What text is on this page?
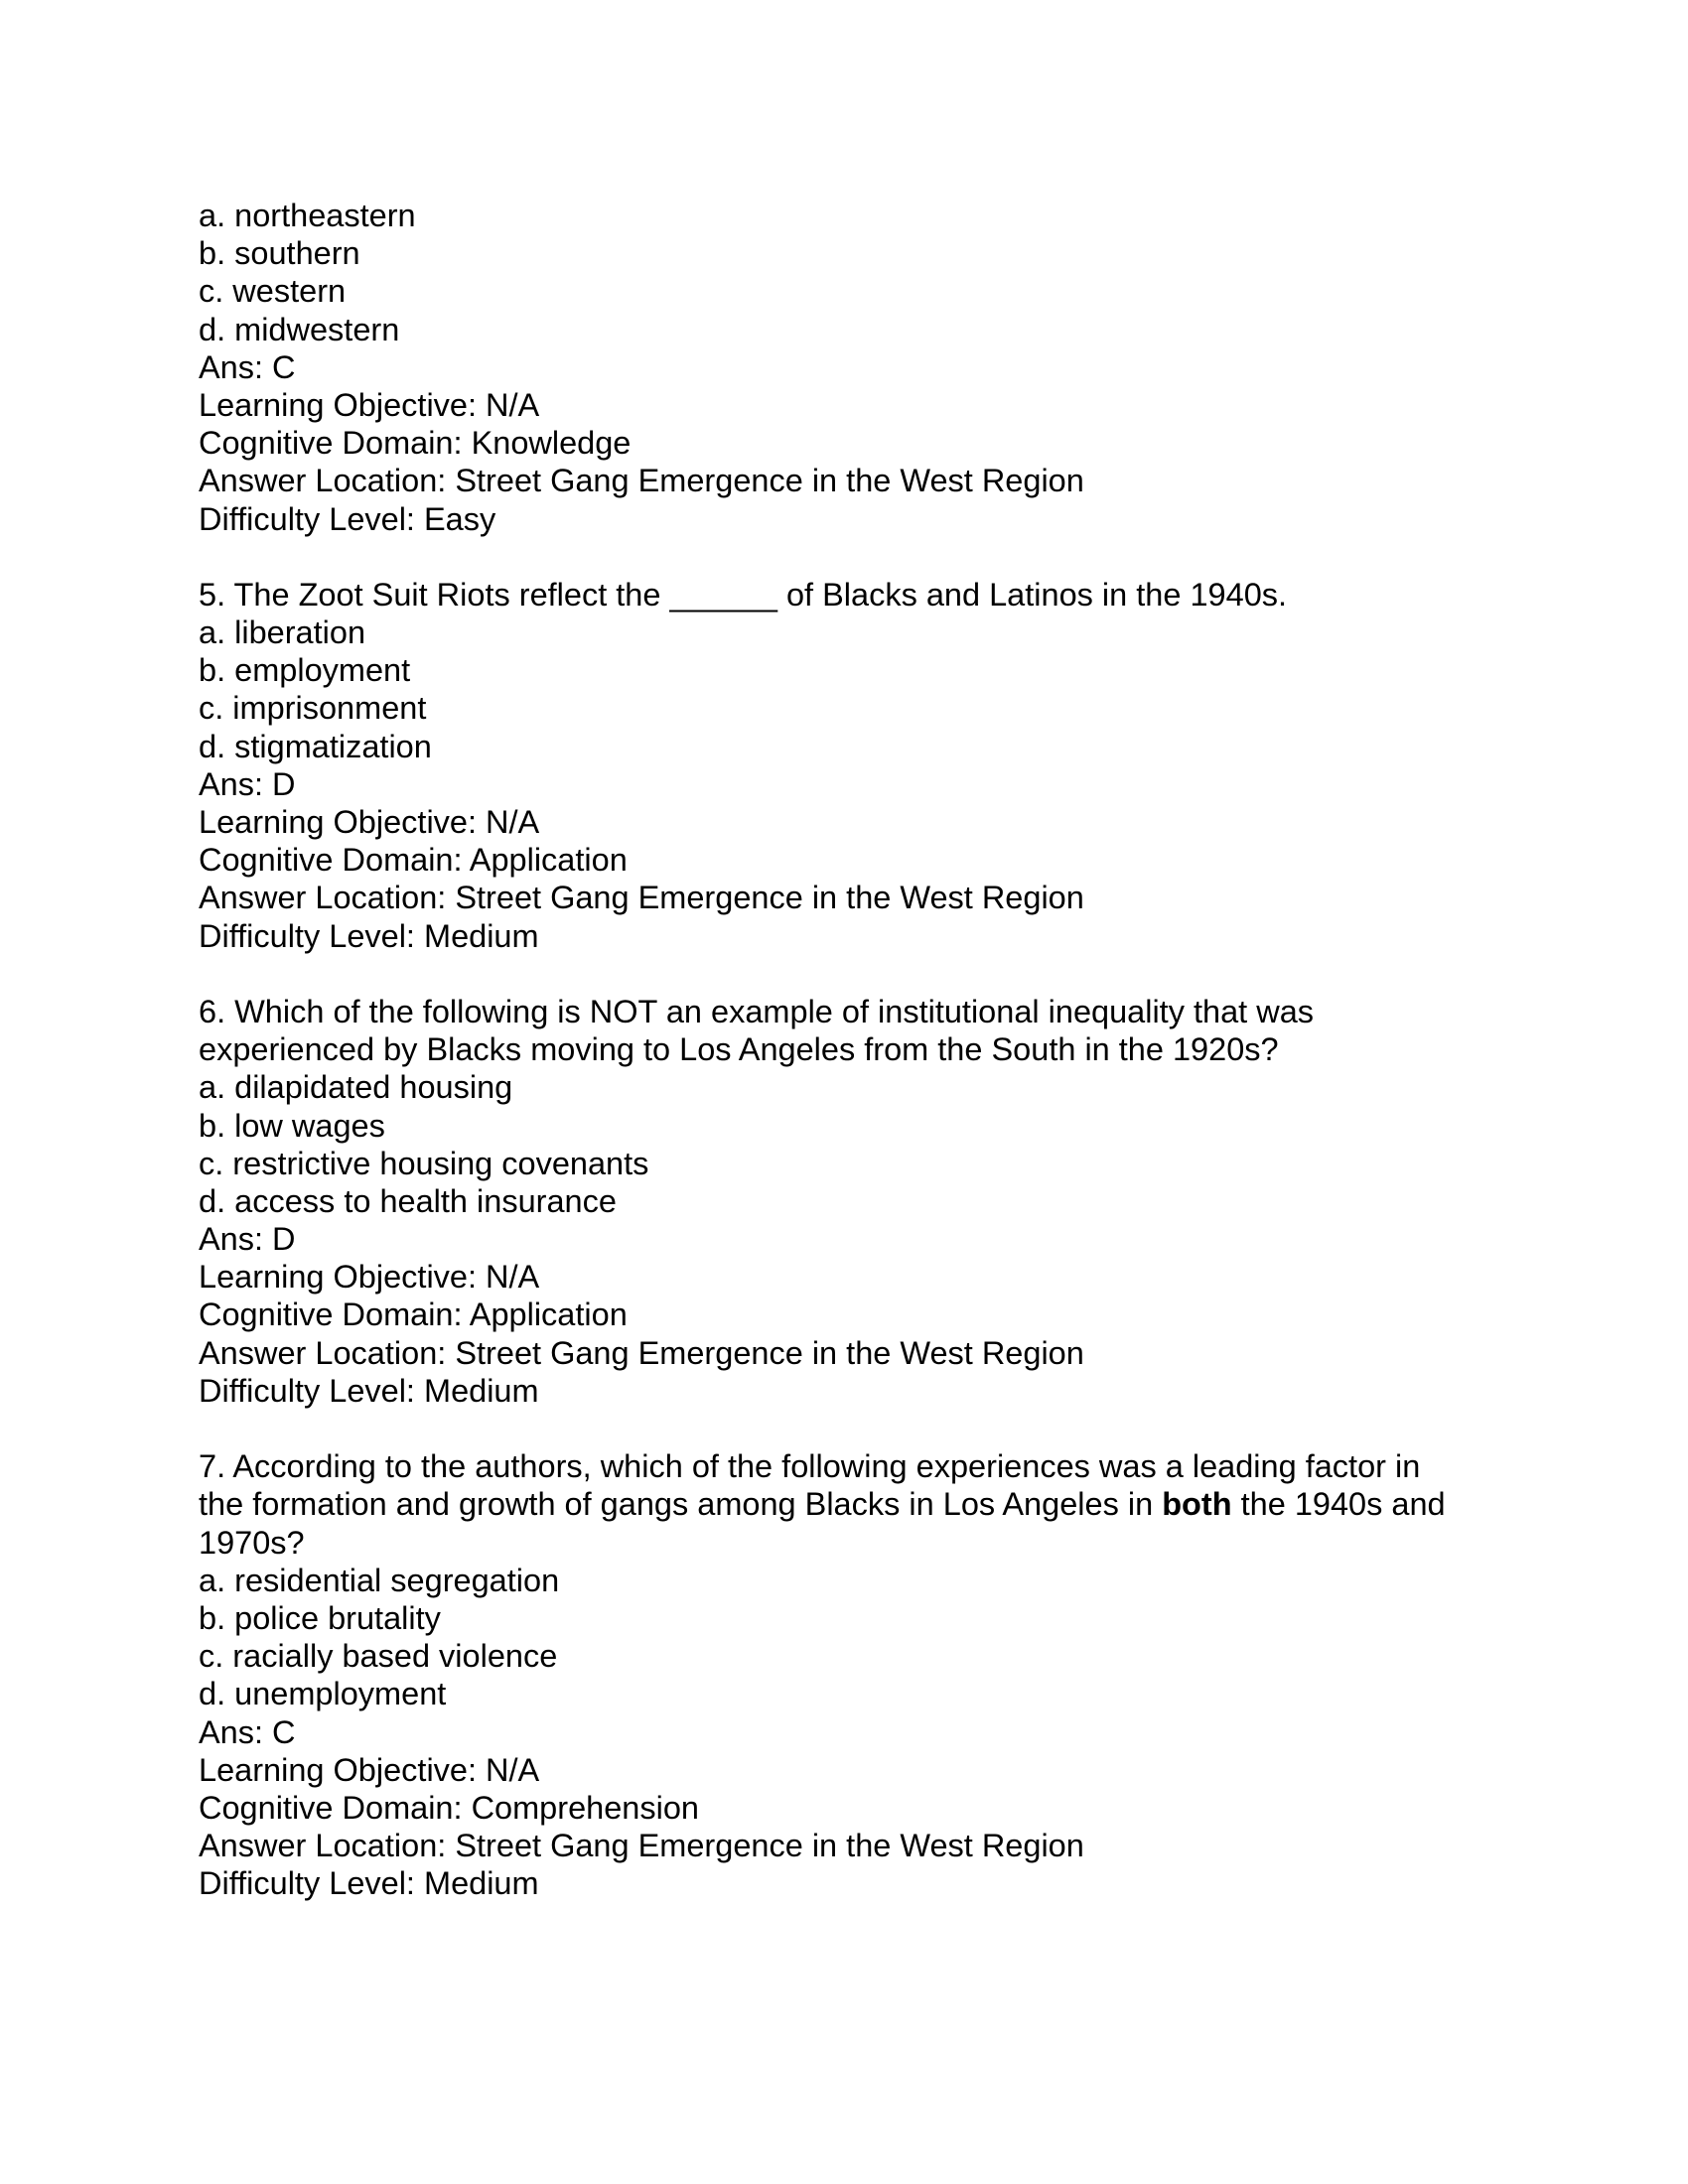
a. northeastern
b. southern
c. western
d. midwestern
Ans: C
Learning Objective: N/A
Cognitive Domain: Knowledge
Answer Location: Street Gang Emergence in the West Region
Difficulty Level: Easy
5. The Zoot Suit Riots reflect the ______ of Blacks and Latinos in the 1940s.
a. liberation
b. employment
c. imprisonment
d. stigmatization
Ans: D
Learning Objective: N/A
Cognitive Domain: Application
Answer Location: Street Gang Emergence in the West Region
Difficulty Level: Medium
6. Which of the following is NOT an example of institutional inequality that was
experienced by Blacks moving to Los Angeles from the South in the 1920s?
a. dilapidated housing
b. low wages
c. restrictive housing covenants
d. access to health insurance
Ans: D
Learning Objective: N/A
Cognitive Domain: Application
Answer Location: Street Gang Emergence in the West Region
Difficulty Level: Medium
7. According to the authors, which of the following experiences was a leading factor in
the formation and growth of gangs among Blacks in Los Angeles in both the 1940s and
1970s?
a. residential segregation
b. police brutality
c. racially based violence
d. unemployment
Ans: C
Learning Objective: N/A
Cognitive Domain: Comprehension
Answer Location: Street Gang Emergence in the West Region
Difficulty Level: Medium
